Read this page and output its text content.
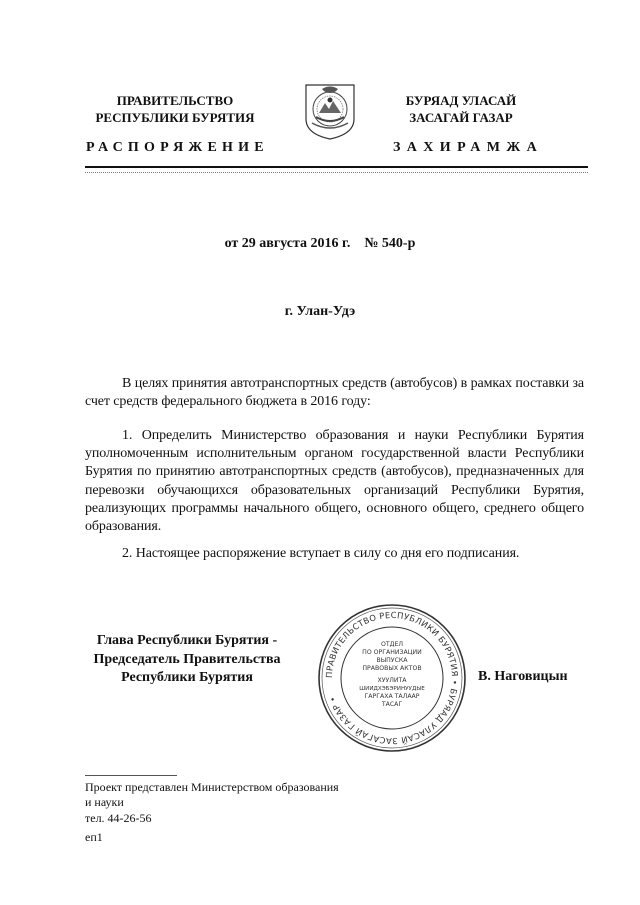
ПРАВИТЕЛЬСТВО
РЕСПУБЛИКИ БУРЯТИЯ
БУРЯАД УЛАСАЙ
ЗАСАГАЙ ГАЗАР
РАСПОРЯЖЕНИЕ	ЗАХИРАМЖА
от 29 августа 2016 г. № 540-р
г. Улан-Удэ
В целях принятия автотранспортных средств (автобусов) в рамках поставки за счет средств федерального бюджета в 2016 году:
1. Определить Министерство образования и науки Республики Бурятия уполномоченным исполнительным органом государственной власти Республики Бурятия по принятию автотранспортных средств (автобусов), предназначенных для перевозки обучающихся образовательных организаций Республики Бурятия, реализующих программы начального общего, основного общего, среднего общего образования.
2. Настоящее распоряжение вступает в силу со дня его подписания.
Глава Республики Бурятия -
Председатель Правительства
Республики Бурятия	ПРАВИТЕЛЬСТВО РЕСПУБЛИКИ БУРЯТИЯ • БУРЯАД УЛАСАЙ ЗАСАГАЙ ГАЗАР •
ОТДЕЛ
ПО ОРГАНИЗАЦИИ
ВЫПУСКА
ПРАВОВЫХ АКТОВ
ХУУЛИТА
ШИИДХЭБЭРИНУУДЫЕ
ГАРГАХА ТАЛААР
ТАСАГ
В. Наговицын
Проект представлен Министерством образования
и науки
тел. 44-26-56
еп1
